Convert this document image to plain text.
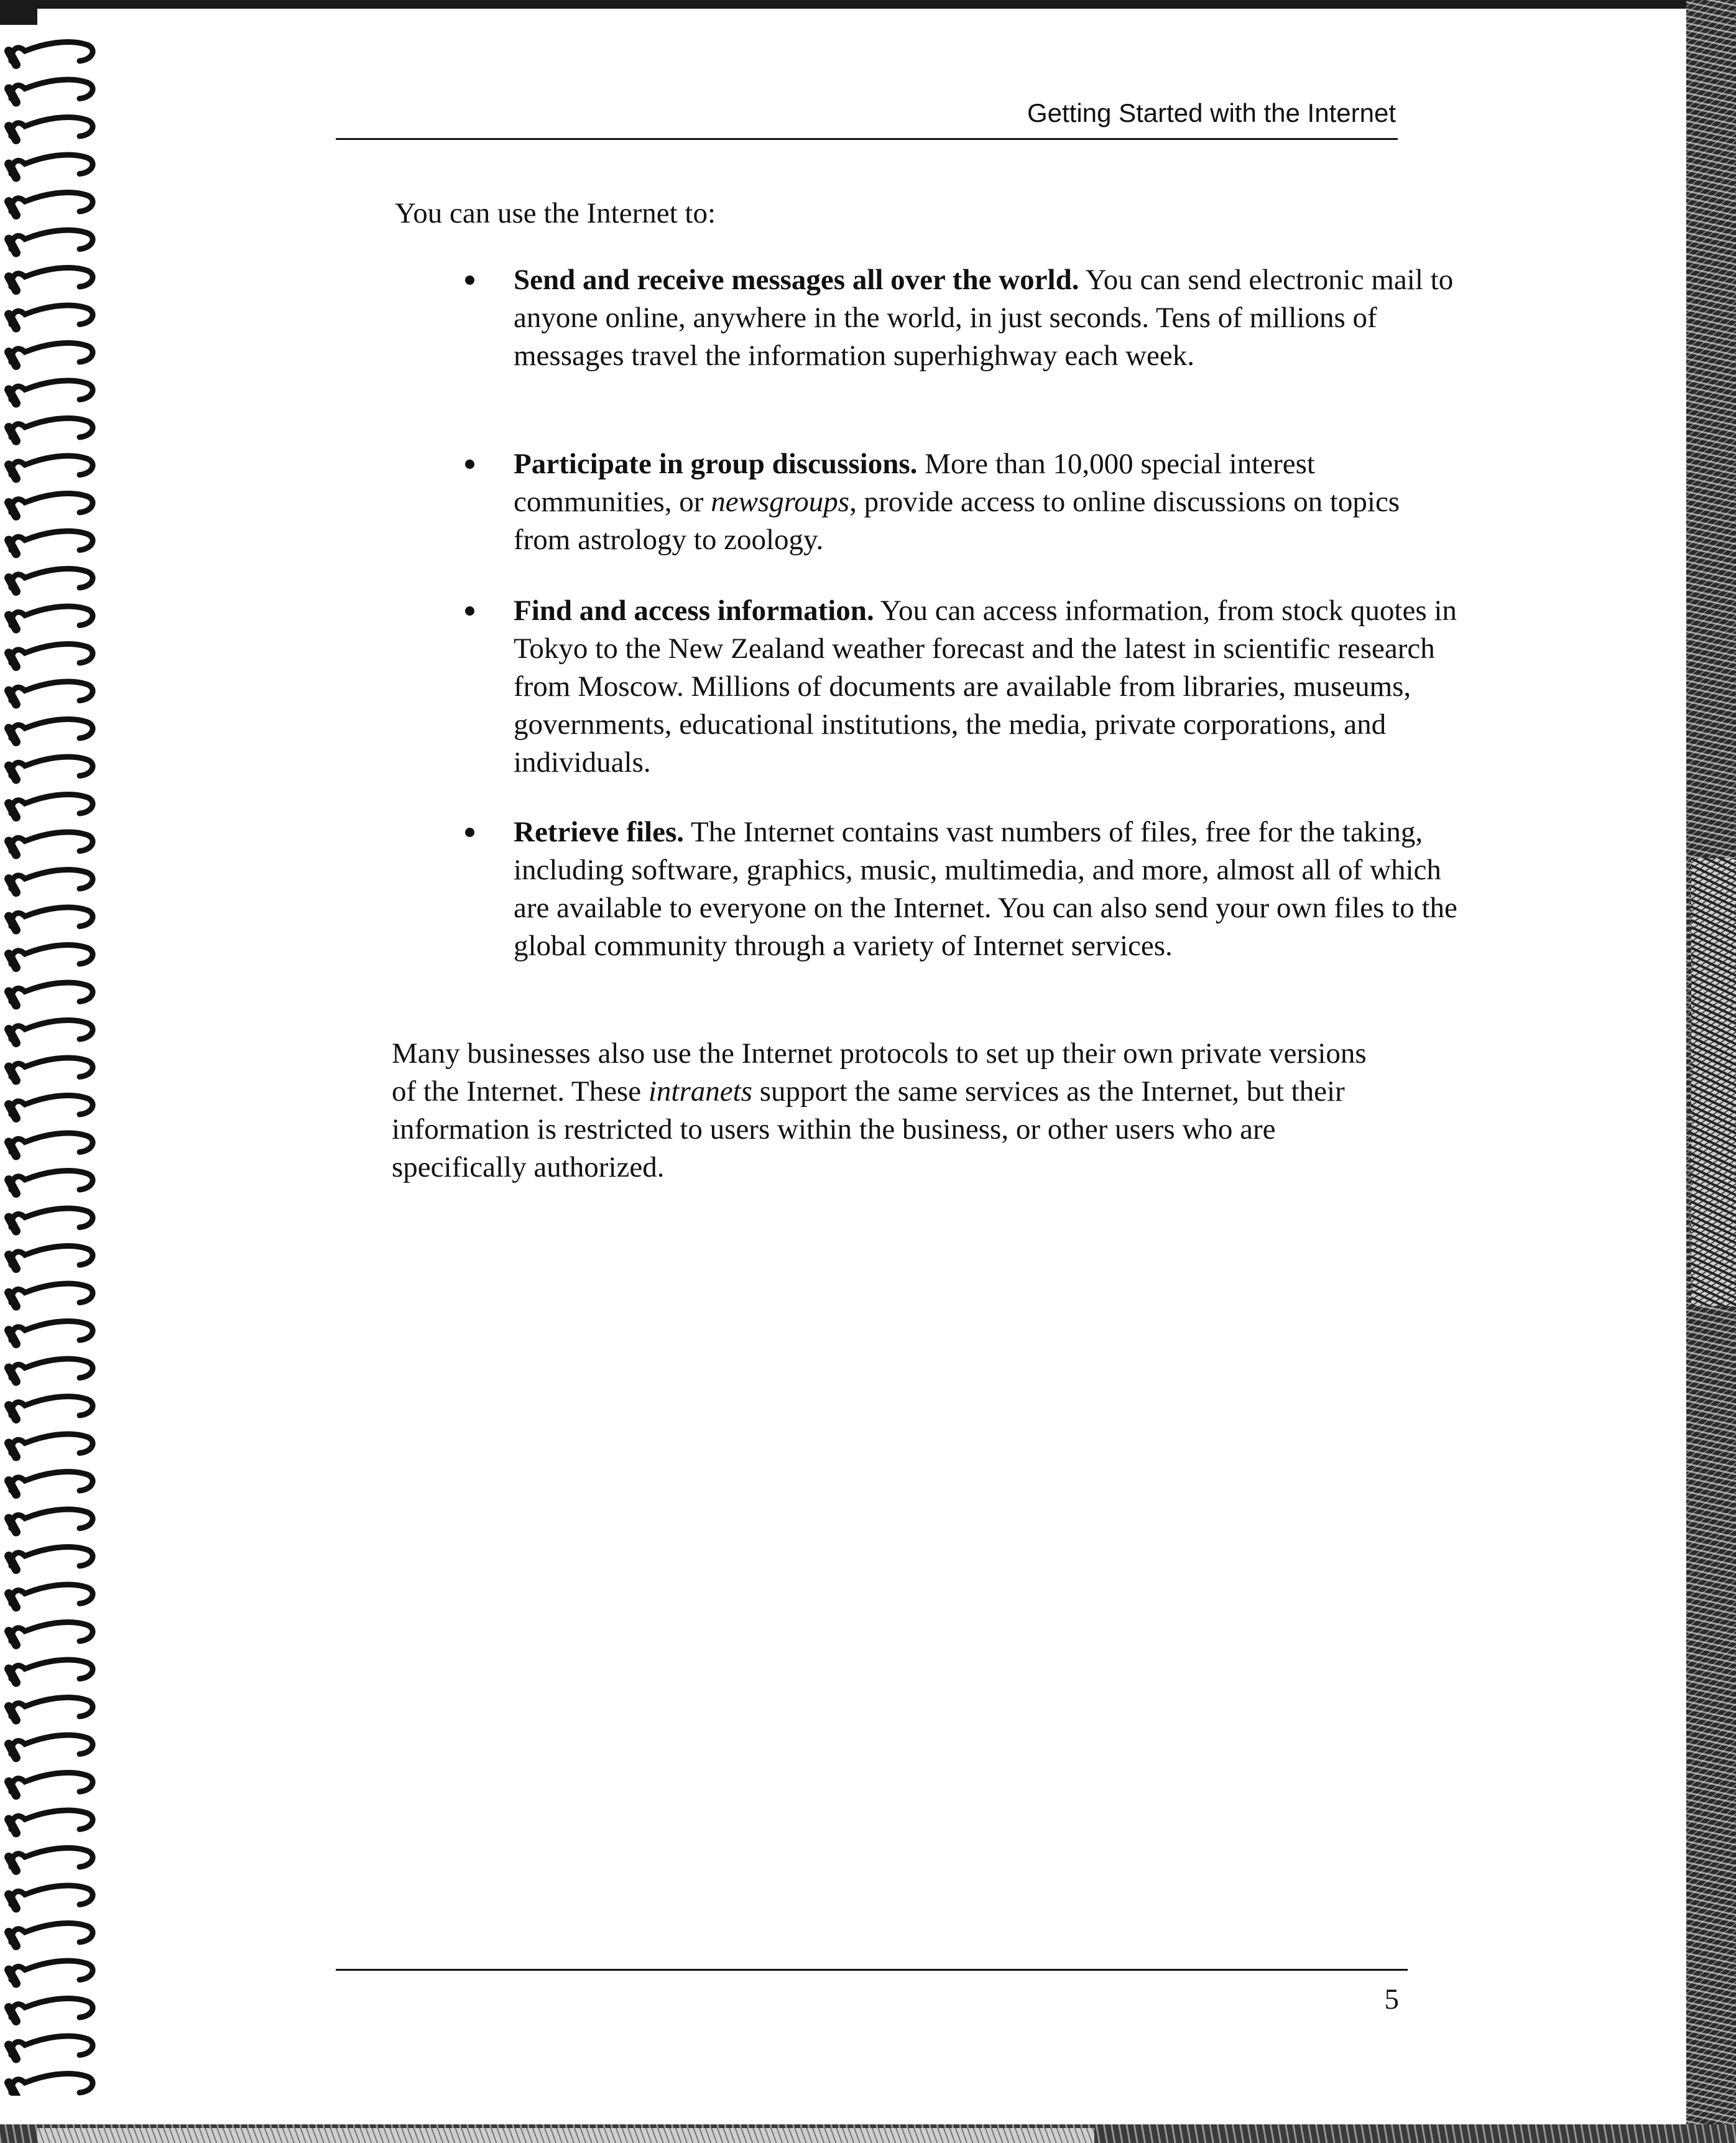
Getting Started with the Internet
You can use the Internet to:
Send and receive messages all over the world. You can send electronic mail to anyone online, anywhere in the world, in just seconds. Tens of millions of messages travel the information superhighway each week.
Participate in group discussions. More than 10,000 special interest communities, or newsgroups, provide access to online discussions on topics from astrology to zoology.
Find and access information. You can access information, from stock quotes in Tokyo to the New Zealand weather forecast and the latest in scientific research from Moscow. Millions of documents are available from libraries, museums, governments, educational institutions, the media, private corporations, and individuals.
Retrieve files. The Internet contains vast numbers of files, free for the taking, including software, graphics, music, multimedia, and more, almost all of which are available to everyone on the Internet. You can also send your own files to the global community through a variety of Internet services.
Many businesses also use the Internet protocols to set up their own private versions of the Internet. These intranets support the same services as the Internet, but their information is restricted to users within the business, or other users who are specifically authorized.
5
